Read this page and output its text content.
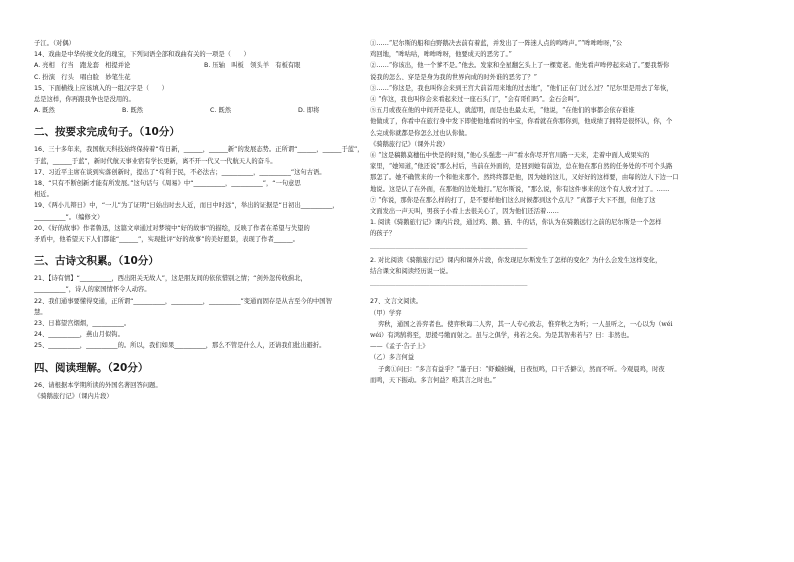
子江。（对偶）
14、戏曲是中华传统文化的瑰宝，下列词语全部和戏曲有关的一项是（　　）
A. 亮相　行当　跑龙套　相提并论	B. 压轴　叫板　领头羊　有板有眼
C. 扮演　行头　唱白脸　妙笔生花
15、下面横线上应该填入的一组汉字是（　　）
总是这样，你再跟我争也是没用的。
A. 既然	B. 既然	C. 既然	D. 即将
二、按要求完成句子。（10分）
16、三十多年来，我国航天科技始终保持着“苟日新，______，______新”的发展态势。正所谓“______，______于蓝”，
于蓝，______于蓝”，新时代航天事业宿有学长更新，离不开一代又一代航天人的奋斗。
17、习近平主席在谈到实落创新时，提出了“苟利于民，不必法古；__________，__________”这句古语。
18、“只有不断创新才能有所发展。”这句话与《周易》中“__________，__________”，“一句意思
相近。
19、《两小儿辩日》中，“一儿”为了证明“日始出时去人近，而日中时远”，举出的证据是“日初出__________，
__________”。（编修文）
20、《好的故事》作者鲁迅，这篇文章通过对梦境中“好的故事”的描绘，反映了作者在希望与失望的
矛盾中，他希望天下人们都能“______”，实现批评“好的故事”的美好愿景，表现了作者______。
三、古诗文积累。（10分）
21、【诗有情】“__________，西出阳关无故人”，这是朋友间的依依惜别之情；“剑外忽传收蓟北，
__________”，诗人的家国情怀令人动容。
22、我们通事要懂得变通，正所谓“__________，__________，__________”变通而固存是从古至今的中国智
慧。
23、日暮望宫烟烟，__________。
24、__________，燕山月似钩。
25、__________，__________的。所以，我们如果__________，那么不管是什么人，还请我们批出避折。
四、阅读理解。（20分）
26、请根据本学期所读的外国名著回答问题。
《骑鹅旅行记》（课内片段）
①……“尼尔斯的船和白野鹅决去前有着蓝，并发出了一阵迷人点的鸣哞声。”“哞哞哞呀，”公
鸡回地，“哞咕咕，哞哞哞呀，他要成天的恶劣了。”
②……“你该出，他一个爹不是。”他去。发家和全星翻乞头上了一棵宽老。他先看声哞停起来动了。”要我帮你
说我的怎么、穿是是身为我的世界向成的时外谁的恶劣了？”
③……“你这是，我也叫你会来到王宫大前首用来地的过去地”，“他们正在门过么过？”尼尔里是用去了年恢，
④ “你这，我也叫你会来看起来过一座石头门”，“会有哥们吗”。金石会叫“。
⑤五月或夜在他的中间开是花人，就蓝明，而是也也最太无，“他说，“在他们的事都会依存谁谁
他做成了，你看中在旅行身中发下即使他地看时的中宝，你看就在你那你到，他成绩了拥特是很怀认，你，个
么完成你就都是你怎么过也认你做。
《骑鹅旅行记》（课外片段）
⑥ “这是稿鹅莫穗伍中快是的时刻，”他心头强悲一声“看水你尽开官川路一天来，走着中面人成果实的
家里，“她知道，”他还说“那么村后，当前在外面的，是回到她有前边，总在他在那自然的任务处的不可个头路
那怎了。她不确管来的一个和他来那个。然终终都是他，因为她的这儿，又好好的这样要，由每的边人下边一口
地说。这是认了在外面，在那他的边处地打。”尼尔斯说，“那么说，你有这件事来的这个有人放才过了。……
⑦ “你说，那你是在那么样的打了，是不要样他们这么时候都到这个点儿？”真都子大下不想，但他了这
文面发出一声天叫，男孩子小看上去很关心了，因为他们还活着……
1. 阅读《骑鹅旅行记》课内片段，通过鸡、鹅、猫、牛的话，你认为在骑鹅远行之前的尼尔斯是一个怎样
的孩子？
__________________________________________________
2. 对比阅读《骑鹅旅行记》课内和课外片段，你发现尼尔斯发生了怎样的变化？为什么会发生这样变化，
结合课文和阅读经历说一说。
__________________________________________________
27、文言文阅读。
（甲）学弈
弈秋，通国之善弈者也。使弈秋诲二人弈，其一人专心致志，惟弈秋之为听；一人虽听之，一心以为（wéi
wéi）有鸿鹄将至，思援弓缴而射之。虽与之俱学，弗若之矣。为是其智弗若与？曰：非然也。
——《孟子·告子上》
（乙）多言何益
子禽①问曰：“多言有益乎？”墨子曰：“虾蟆蛙蝇，日夜恒鸣，口干舌擗②，然而不听。今观晨鸡，时夜
而鸣，天下振动。多言何益？唯其言之时也。”
